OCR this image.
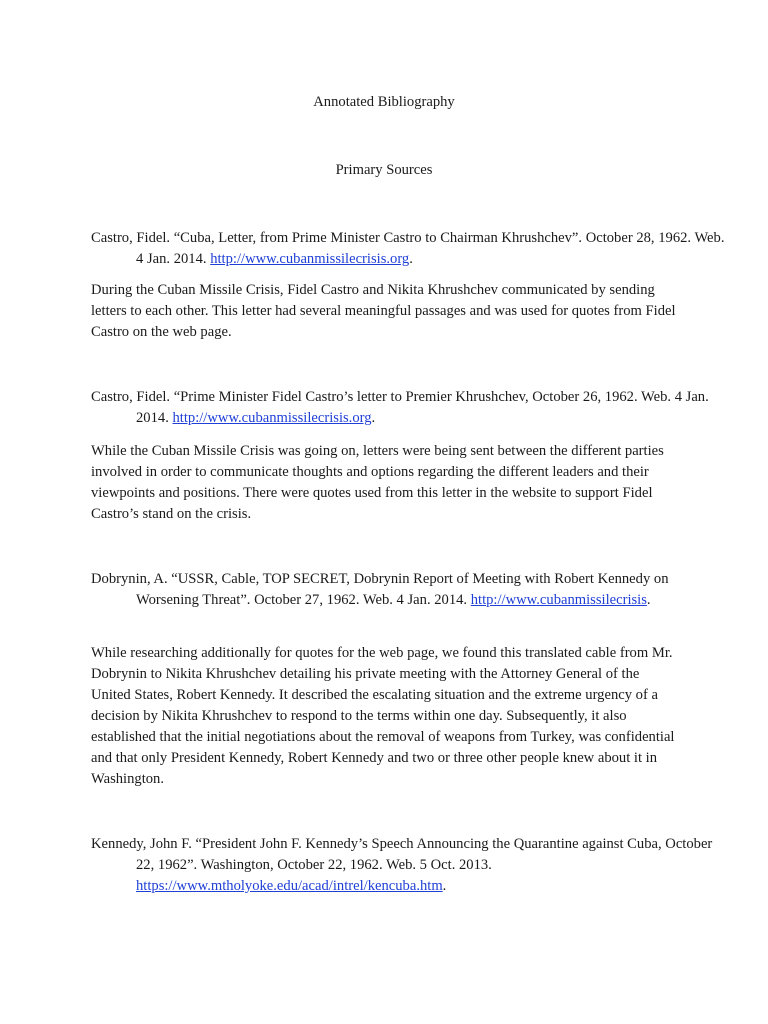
Annotated Bibliography
Primary Sources
Castro, Fidel. “Cuba, Letter, from Prime Minister Castro to Chairman Khrushchev”. October 28, 1962. Web. 4 Jan. 2014. http://www.cubanmissilecrisis.org.
During the Cuban Missile Crisis, Fidel Castro and Nikita Khrushchev communicated by sending letters to each other. This letter had several meaningful passages and was used for quotes from Fidel Castro on the web page.
Castro, Fidel. “Prime Minister Fidel Castro’s letter to Premier Khrushchev, October 26, 1962. Web. 4 Jan. 2014. http://www.cubanmissilecrisis.org.
While the Cuban Missile Crisis was going on, letters were being sent between the different parties involved in order to communicate thoughts and options regarding the different leaders and their viewpoints and positions. There were quotes used from this letter in the website to support Fidel Castro’s stand on the crisis.
Dobrynin, A. “USSR, Cable, TOP SECRET, Dobrynin Report of Meeting with Robert Kennedy on Worsening Threat”. October 27, 1962. Web. 4 Jan. 2014. http://www.cubanmissilecrisis.
While researching additionally for quotes for the web page, we found this translated cable from Mr. Dobrynin to Nikita Khrushchev detailing his private meeting with the Attorney General of the United States, Robert Kennedy. It described the escalating situation and the extreme urgency of a decision by Nikita Khrushchev to respond to the terms within one day. Subsequently, it also established that the initial negotiations about the removal of weapons from Turkey, was confidential and that only President Kennedy, Robert Kennedy and two or three other people knew about it in Washington.
Kennedy, John F. “President John F. Kennedy’s Speech Announcing the Quarantine against Cuba, October 22, 1962”. Washington, October 22, 1962. Web. 5 Oct. 2013. https://www.mtholyoke.edu/acad/intrel/kencuba.htm.
